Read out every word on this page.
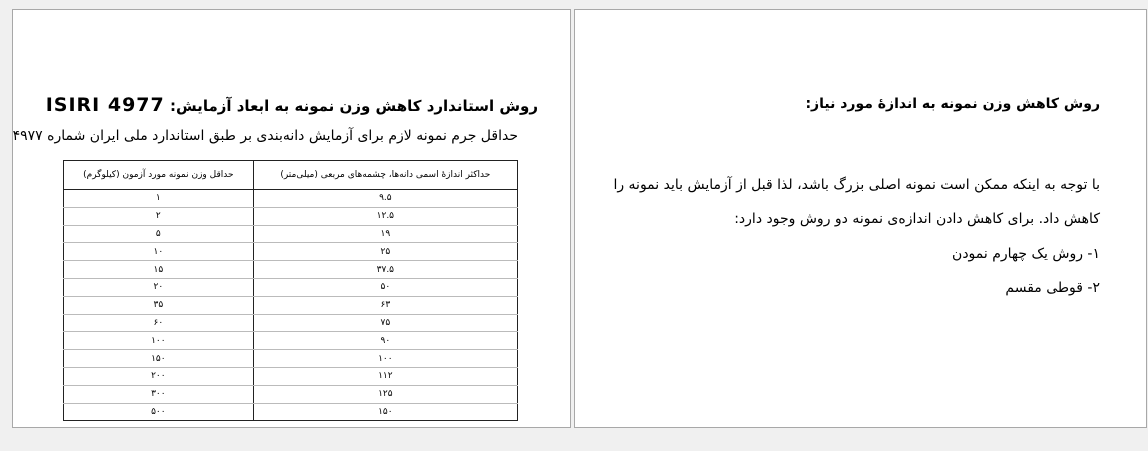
روش استاندارد کاهش وزن نمونه به ابعاد آزمایش: ISIRI 4977

حداقل جرم نمونه لازم برای آزمایش دانه‌بندی بر طبق استاندارد ملی ایران شماره ۴۹۷۷

حداکثر اندازهٔ اسمی دانه‌ها، چشمه‌های مربعی (میلی‌متر)	حداقل وزن نمونه مورد آزمون (کیلوگرم)
۹.۵	۱
۱۲.۵	۲
۱۹	۵
۲۵	۱۰
۳۷.۵	۱۵
۵۰	۲۰
۶۳	۳۵
۷۵	۶۰
۹۰	۱۰۰
۱۰۰	۱۵۰
۱۱۲	۲۰۰
۱۲۵	۳۰۰
۱۵۰	۵۰۰

روش کاهش وزن نمونه به اندازهٔ مورد نیاز:

با توجه به اینکه ممکن است نمونه اصلی بزرگ باشد، لذا قبل از آزمایش باید نمونه را
کاهش داد. برای کاهش دادن اندازه‌ی نمونه دو روش وجود دارد:

۱- روش یک چهارم نمودن

۲- قوطی مقسم
